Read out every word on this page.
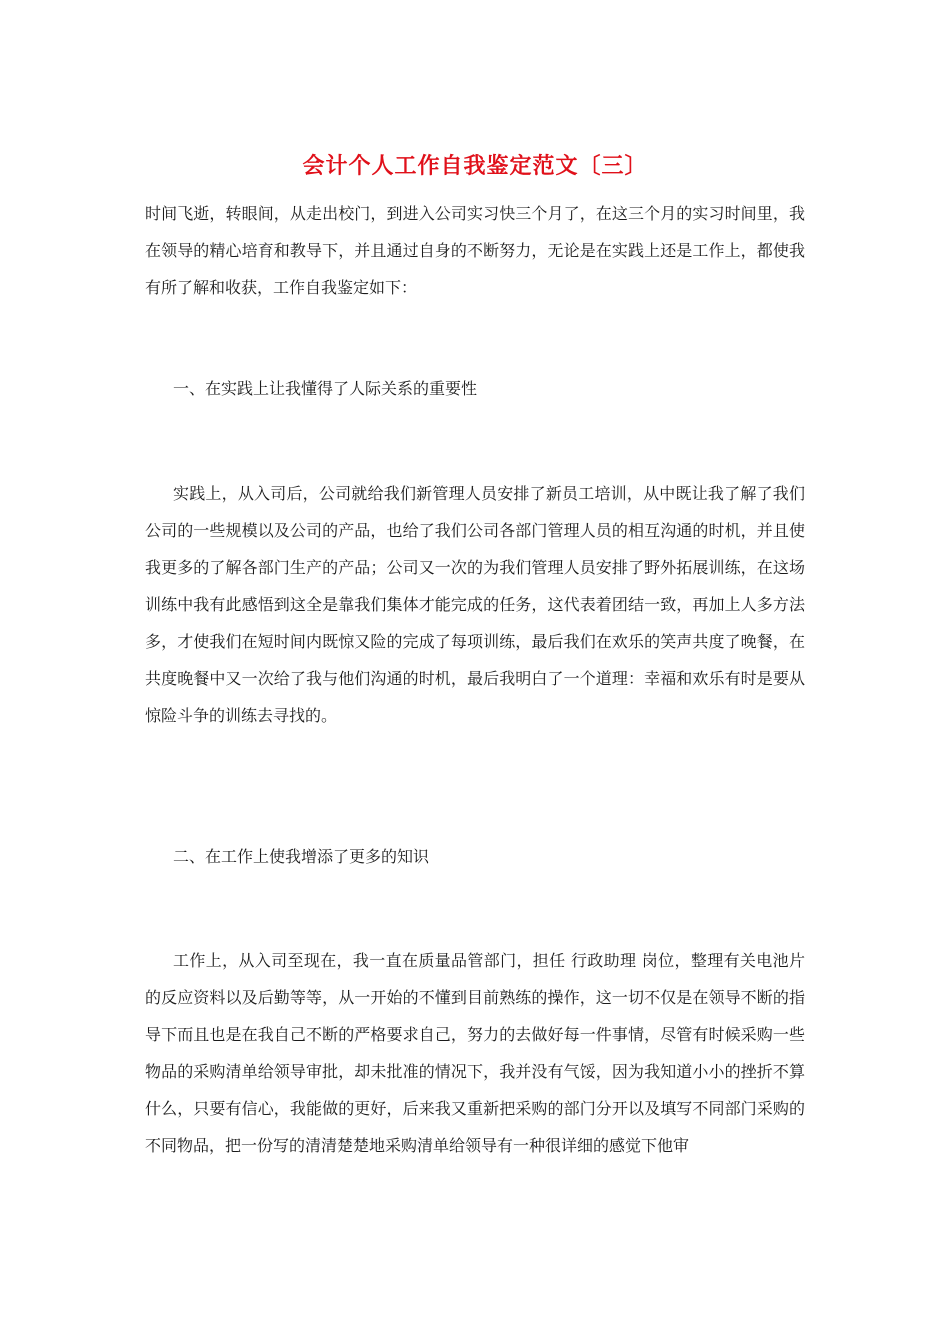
会计个人工作自我鉴定范文〔三〕

时间飞逝，转眼间，从走出校门，到进入公司实习快三个月了，在这三个月的实习时间里，我在领导的精心培育和教导下，并且通过自身的不断努力，无论是在实践上还是工作上，都使我有所了解和收获，工作自我鉴定如下：

一、在实践上让我懂得了人际关系的重要性

实践上，从入司后，公司就给我们新管理人员安排了新员工培训，从中既让我了解了我们公司的一些规模以及公司的产品，也给了我们公司各部门管理人员的相互沟通的时机，并且使我更多的了解各部门生产的产品；公司又一次的为我们管理人员安排了野外拓展训练，在这场训练中我有此感悟到这全是靠我们集体才能完成的任务，这代表着团结一致，再加上人多方法多，才使我们在短时间内既惊又险的完成了每项训练，最后我们在欢乐的笑声共度了晚餐，在共度晚餐中又一次给了我与他们沟通的时机，最后我明白了一个道理：幸福和欢乐有时是要从惊险斗争的训练去寻找的。

二、在工作上使我增添了更多的知识

工作上，从入司至现在，我一直在质量品管部门，担任 行政助理 岗位，整理有关电池片的反应资料以及后勤等等，从一开始的不懂到目前熟练的操作，这一切不仅是在领导不断的指导下而且也是在我自己不断的严格要求自己，努力的去做好每一件事情，尽管有时候采购一些物品的采购清单给领导审批，却未批准的情况下，我并没有气馁，因为我知道小小的挫折不算什么，只要有信心，我能做的更好，后来我又重新把采购的部门分开以及填写不同部门采购的不同物品，把一份写的清清楚楚地采购清单给领导有一种很详细的感觉下他审
